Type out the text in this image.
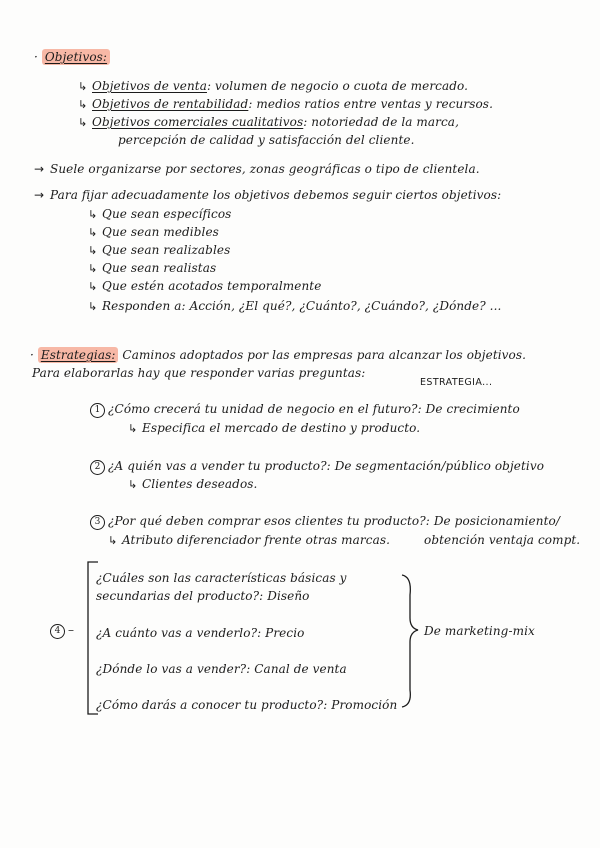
· Objetivos:
↳ Objetivos de venta: volumen de negocio o cuota de mercado.
↳ Objetivos de rentabilidad: medios ratios entre ventas y recursos.
↳ Objetivos comerciales cualitativos: notoriedad de la marca,
percepción de calidad y satisfacción del cliente.
→ Suele organizarse por sectores, zonas geográficas o tipo de clientela.
→ Para fijar adecuadamente los objetivos debemos seguir ciertos objetivos:
↳ Que sean específicos
↳ Que sean medibles
↳ Que sean realizables
↳ Que sean realistas
↳ Que estén acotados temporalmente
↳ Responden a: Acción, ¿El qué?, ¿Cuánto?, ¿Cuándo?, ¿Dónde? ...
· Estrategias: Caminos adoptados por las empresas para alcanzar los objetivos.
Para elaborarlas hay que responder varias preguntas:
ESTRATEGIA...
1 ¿Cómo crecerá tu unidad de negocio en el futuro?: De crecimiento
↳ Especifica el mercado de destino y producto.
2 ¿A quién vas a vender tu producto?: De segmentación/público objetivo
↳ Clientes deseados.
3 ¿Por qué deben comprar esos clientes tu producto?: De posicionamiento/
↳ Atributo diferenciador frente otras marcas.	obtención ventaja compt.
4 –
¿Cuáles son las características básicas y
secundarias del producto?: Diseño
¿A cuánto vas a venderlo?: Precio
¿Dónde lo vas a vender?: Canal de venta
¿Cómo darás a conocer tu producto?: Promoción
De marketing-mix
